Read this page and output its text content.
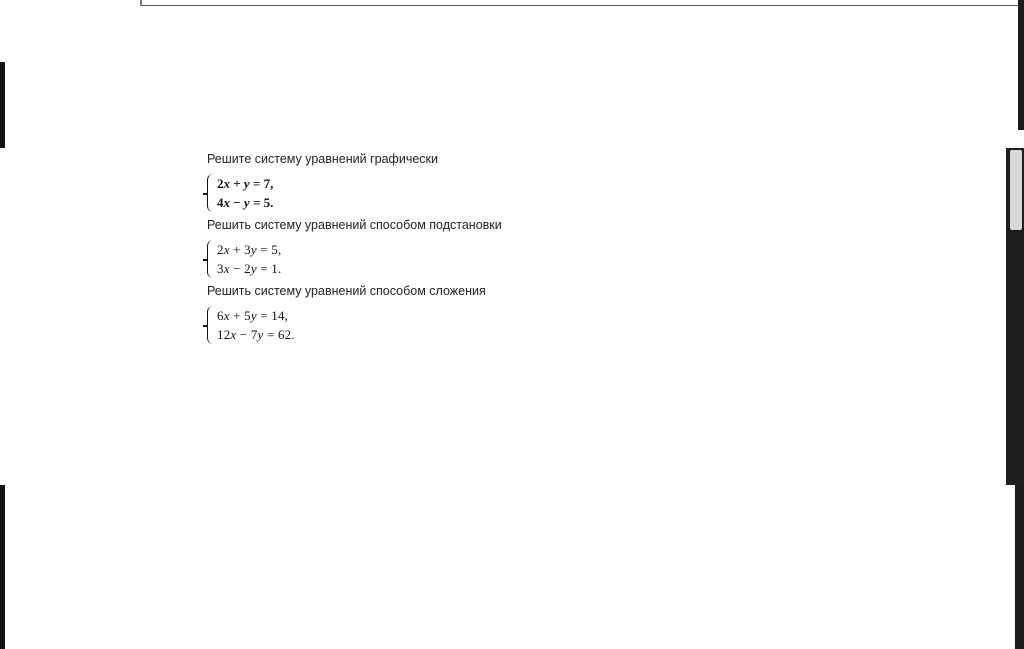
Решите систему уравнений графически

2x + y = 7,
4x − y = 5.

Решить систему уравнений способом подстановки

2x + 3y = 5,
3x − 2y = 1.

Решить систему уравнений способом сложения

6x + 5y = 14,
12x − 7y = 62.
